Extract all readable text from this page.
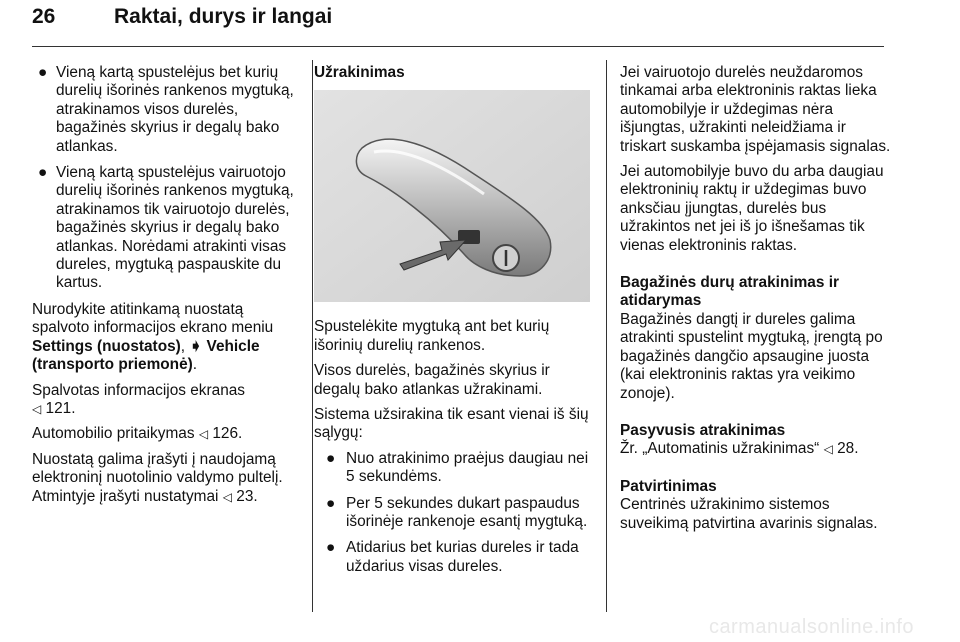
26	Raktai, durys ir langai
● Vieną kartą spustelėjus bet kurių durelių išorinės rankenos mygtuką, atrakinamos visos durelės, bagažinės skyrius ir degalų bako atlankas.
● Vieną kartą spustelėjus vairuotojo durelių išorinės rankenos mygtuką, atrakinamos tik vairuotojo durelės, bagažinės skyrius ir degalų bako atlankas. Norėdami atrakinti visas dureles, mygtuką paspauskite du kartus.

Nurodykite atitinkamą nuostatą spalvoto informacijos ekrano meniu Settings (nuostatos), ➧ Vehicle (transporto priemonė).

Spalvotas informacijos ekranas
◁ 121.

Automobilio pritaikymas ◁ 126.

Nuostatą galima įrašyti į naudojamą elektroninį nuotolinio valdymo pultelį. Atmintyje įrašyti nustatymai ◁ 23.

Užrakinimas

Spustelėkite mygtuką ant bet kurių išorinių durelių rankenos.

Visos durelės, bagažinės skyrius ir degalų bako atlankas užrakinami.

Sistema užsirakina tik esant vienai iš šių sąlygų:

● Nuo atrakinimo praėjus daugiau nei 5 sekundėms.
● Per 5 sekundes dukart paspaudus išorinėje rankenoje esantį mygtuką.
● Atidarius bet kurias dureles ir tada uždarius visas dureles.

Jei vairuotojo durelės neuždaromos tinkamai arba elektroninis raktas lieka automobilyje ir uždegimas nėra išjungtas, užrakinti neleidžiama ir triskart suskamba įspėjamasis signalas.

Jei automobilyje buvo du arba daugiau elektroninių raktų ir uždegimas buvo anksčiau įjungtas, durelės bus užrakintos net jei iš jo išnešamas tik vienas elektroninis raktas.

Bagažinės durų atrakinimas ir atidarymas

Bagažinės dangtį ir dureles galima atrakinti spustelint mygtuką, įrengtą po bagažinės dangčio apsaugine juosta (kai elektroninis raktas yra veikimo zonoje).

Pasyvusis atrakinimas

Žr. „Automatinis užrakinimas“ ◁ 28.

Patvirtinimas

Centrinės užrakinimo sistemos suveikimą patvirtina avarinis signalas.

carmanualsonline.info
